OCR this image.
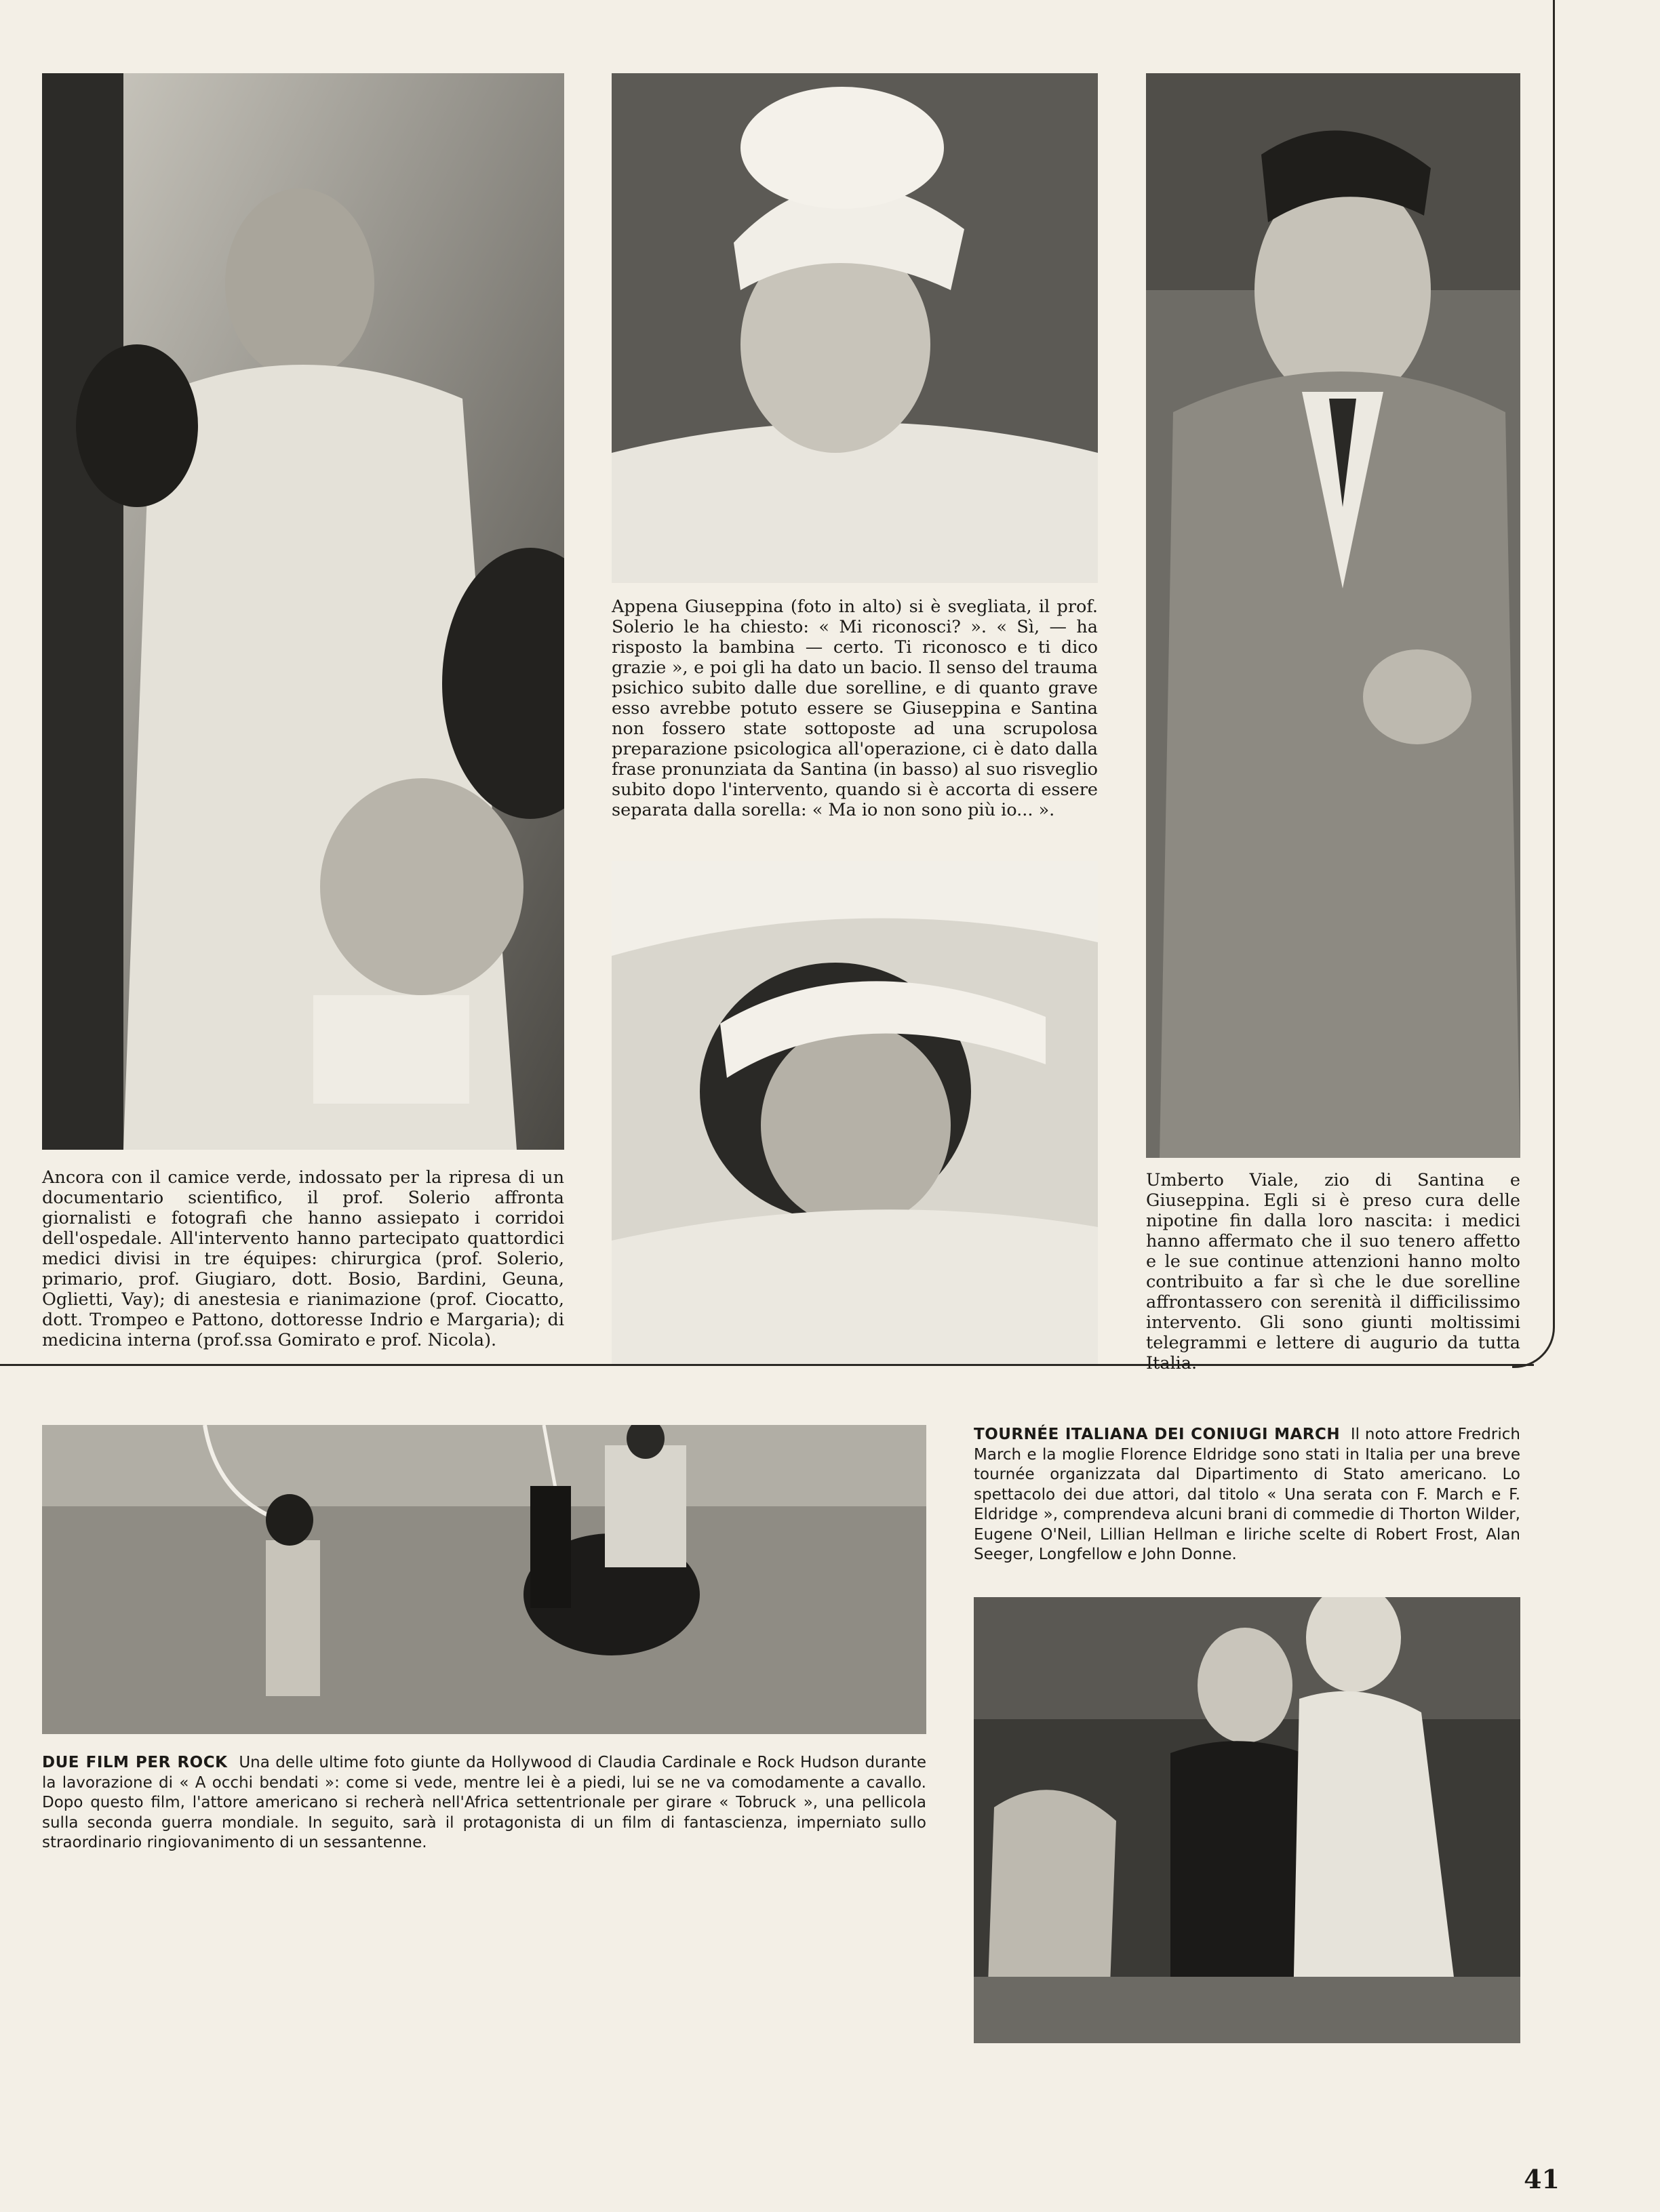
Appena Giuseppina (foto in alto) si è svegliata, il prof. Solerio le ha chiesto: « Mi riconosci? ». « Sì, — ha risposto la bambina — certo. Ti riconosco e ti dico grazie », e poi gli ha dato un bacio. Il senso del trauma psichico subito dalle due sorelline, e di quanto grave esso avrebbe potuto essere se Giuseppina e Santina non fossero state sottoposte ad una scrupolosa preparazione psicologica all'operazione, ci è dato dalla frase pronunziata da Santina (in basso) al suo risveglio subito dopo l'intervento, quando si è accorta di essere separata dalla sorella: « Ma io non sono più io... ».

Ancora con il camice verde, indossato per la ripresa di un documentario scientifico, il prof. Solerio affronta giornalisti e fotografi che hanno assiepato i corridoi dell'ospedale. All'intervento hanno partecipato quattordici medici divisi in tre équipes: chirurgica (prof. Solerio, primario, prof. Giugiaro, dott. Bosio, Bardini, Geuna, Oglietti, Vay); di anestesia e rianimazione (prof. Ciocatto, dott. Trompeo e Pattono, dottoresse Indrio e Margaria); di medicina interna (prof.ssa Gomirato e prof. Nicola).

Umberto Viale, zio di Santina e Giuseppina. Egli si è preso cura delle nipotine fin dalla loro nascita: i medici hanno affermato che il suo tenero affetto e le sue continue attenzioni hanno molto contribuito a far sì che le due sorelline affrontassero con serenità il difficilissimo intervento. Gli sono giunti moltissimi telegrammi e lettere di augurio da tutta Italia.

TOURNÉE ITALIANA DEI CONIUGI MARCH Il noto attore Fredrich March e la moglie Florence Eldridge sono stati in Italia per una breve tournée organizzata dal Dipartimento di Stato americano. Lo spettacolo dei due attori, dal titolo « Una serata con F. March e F. Eldridge », comprendeva alcuni brani di commedie di Thorton Wilder, Eugene O'Neil, Lillian Hellman e liriche scelte di Robert Frost, Alan Seeger, Longfellow e John Donne.

DUE FILM PER ROCK Una delle ultime foto giunte da Hollywood di Claudia Cardinale e Rock Hudson durante la lavorazione di « A occhi bendati »: come si vede, mentre lei è a piedi, lui se ne va comodamente a cavallo. Dopo questo film, l'attore americano si recherà nell'Africa settentrionale per girare « Tobruck », una pellicola sulla seconda guerra mondiale. In seguito, sarà il protagonista di un film di fantascienza, imperniato sullo straordinario ringiovanimento di un sessantenne.

41
